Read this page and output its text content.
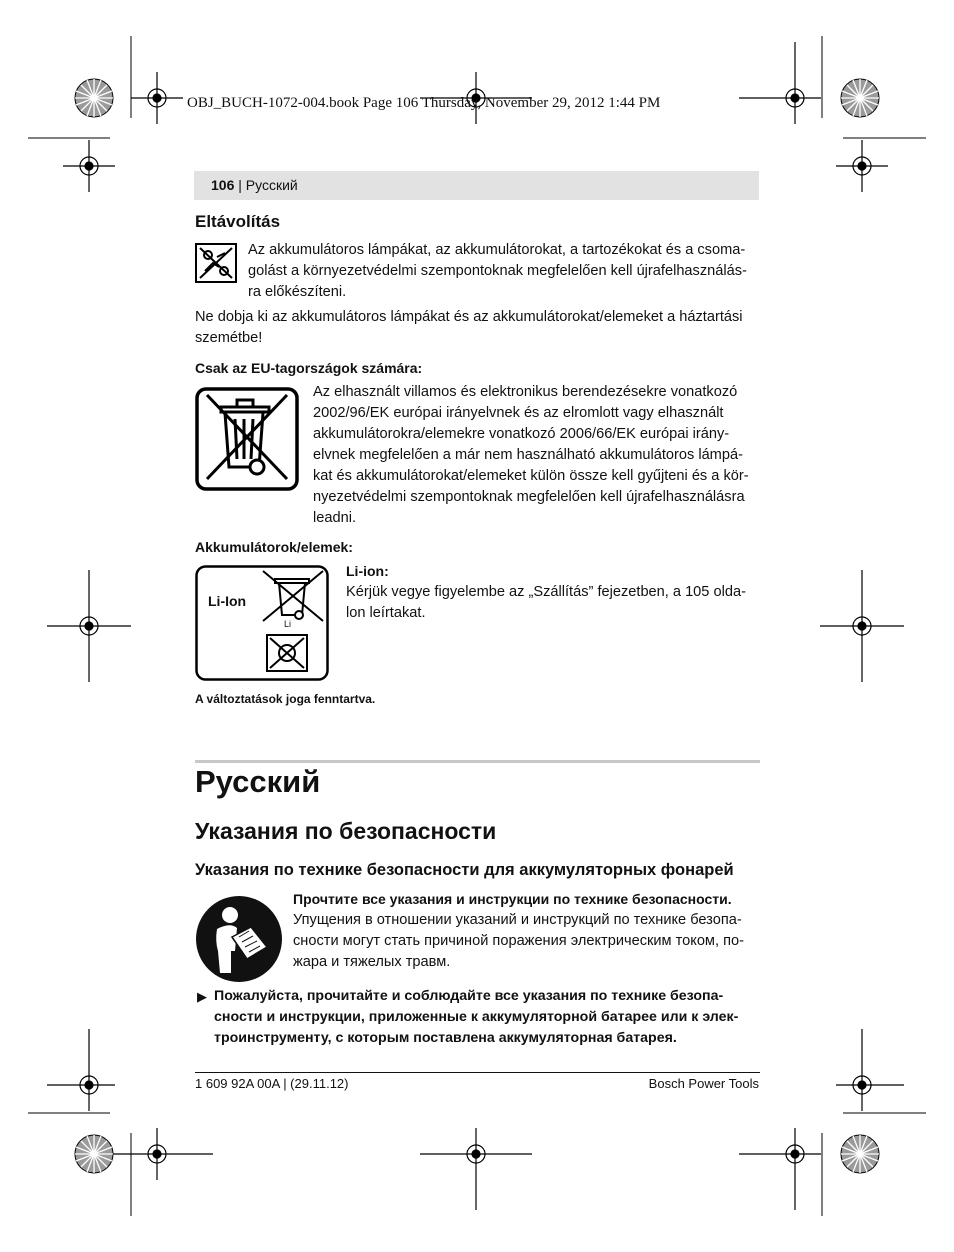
OBJ_BUCH-1072-004.book Page 106 Thursday, November 29, 2012 1:44 PM
106 | Русский
Eltávolítás
Az akkumulátoros lámpákat, az akkumulátorokat, a tartozékokat és a csoma-
golást a környezetvédelmi szempontoknak megfelelően kell újrafelhasználás-
ra előkészíteni.
Ne dobja ki az akkumulátoros lámpákat és az akkumulátorokat/elemeket a háztartási
szemétbe!
Csak az EU-tagországok számára:
Az elhasznált villamos és elektronikus berendezésekre vonatkozó
2002/96/EK európai irányelvnek és az elromlott vagy elhasznált
akkumulátorokra/elemekre vonatkozó 2006/66/EK európai irány-
elvnek megfelelően a már nem használható akkumulátoros lámpá-
kat és akkumulátorokat/elemeket külön össze kell gyűjteni és a kör-
nyezetvédelmi szempontoknak megfelelően kell újrafelhasználásra
leadni.
Akkumulátorok/elemek:
Li-Ion
Li
Li-ion:
Kérjük vegye figyelembe az „Szállítás” fejezetben, a 105 olda-
lon leírtakat.
A változtatások joga fenntartva.
Русский
Указания по безопасности
Указания по технике безопасности для аккумуляторных фонарей
Прочтите все указания и инструкции по технике безопасности.
Упущения в отношении указаний и инструкций по технике безопа-
сности могут стать причиной поражения электрическим током, по-
жара и тяжелых травм.
▶ Пожалуйста, прочитайте и соблюдайте все указания по технике безопа-
сности и инструкции, приложенные к аккумуляторной батарее или к элек-
троинструменту, с которым поставлена аккумуляторная батарея.
1 609 92A 00A | (29.11.12)	Bosch Power Tools
